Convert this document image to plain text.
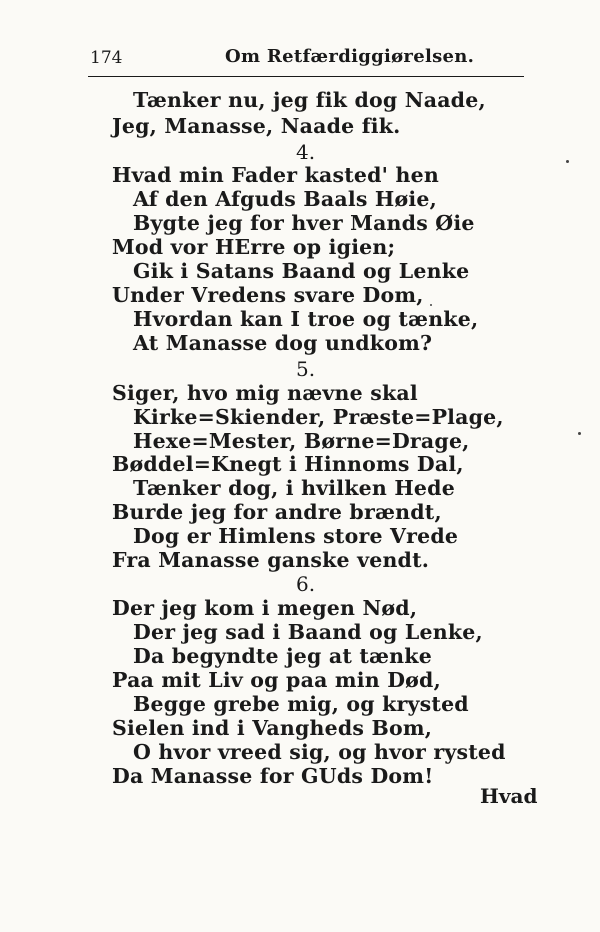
174	Om Retfærdiggiørelsen.
Tænker nu, jeg fik dog Naade,
Jeg, Manasse, Naade fik.
4.
Hvad min Fader kasted' hen
Af den Afguds Baals Høie,
Bygte jeg for hver Mands Øie
Mod vor HErre op igien;
Gik i Satans Baand og Lenke
Under Vredens svare Dom,
Hvordan kan I troe og tænke,
At Manasse dog undkom?
5.
Siger, hvo mig nævne skal
Kirke=Skiender, Præste=Plage,
Hexe=Mester, Børne=Drage,
Bøddel=Knegt i Hinnoms Dal,
Tænker dog, i hvilken Hede
Burde jeg for andre brændt,
Dog er Himlens store Vrede
Fra Manasse ganske vendt.
6.
Der jeg kom i megen Nød,
Der jeg sad i Baand og Lenke,
Da begyndte jeg at tænke
Paa mit Liv og paa min Død,
Begge grebe mig, og krysted
Sielen ind i Vangheds Bom,
O hvor vreed sig, og hvor rysted
Da Manasse for GUds Dom!
Hvad
